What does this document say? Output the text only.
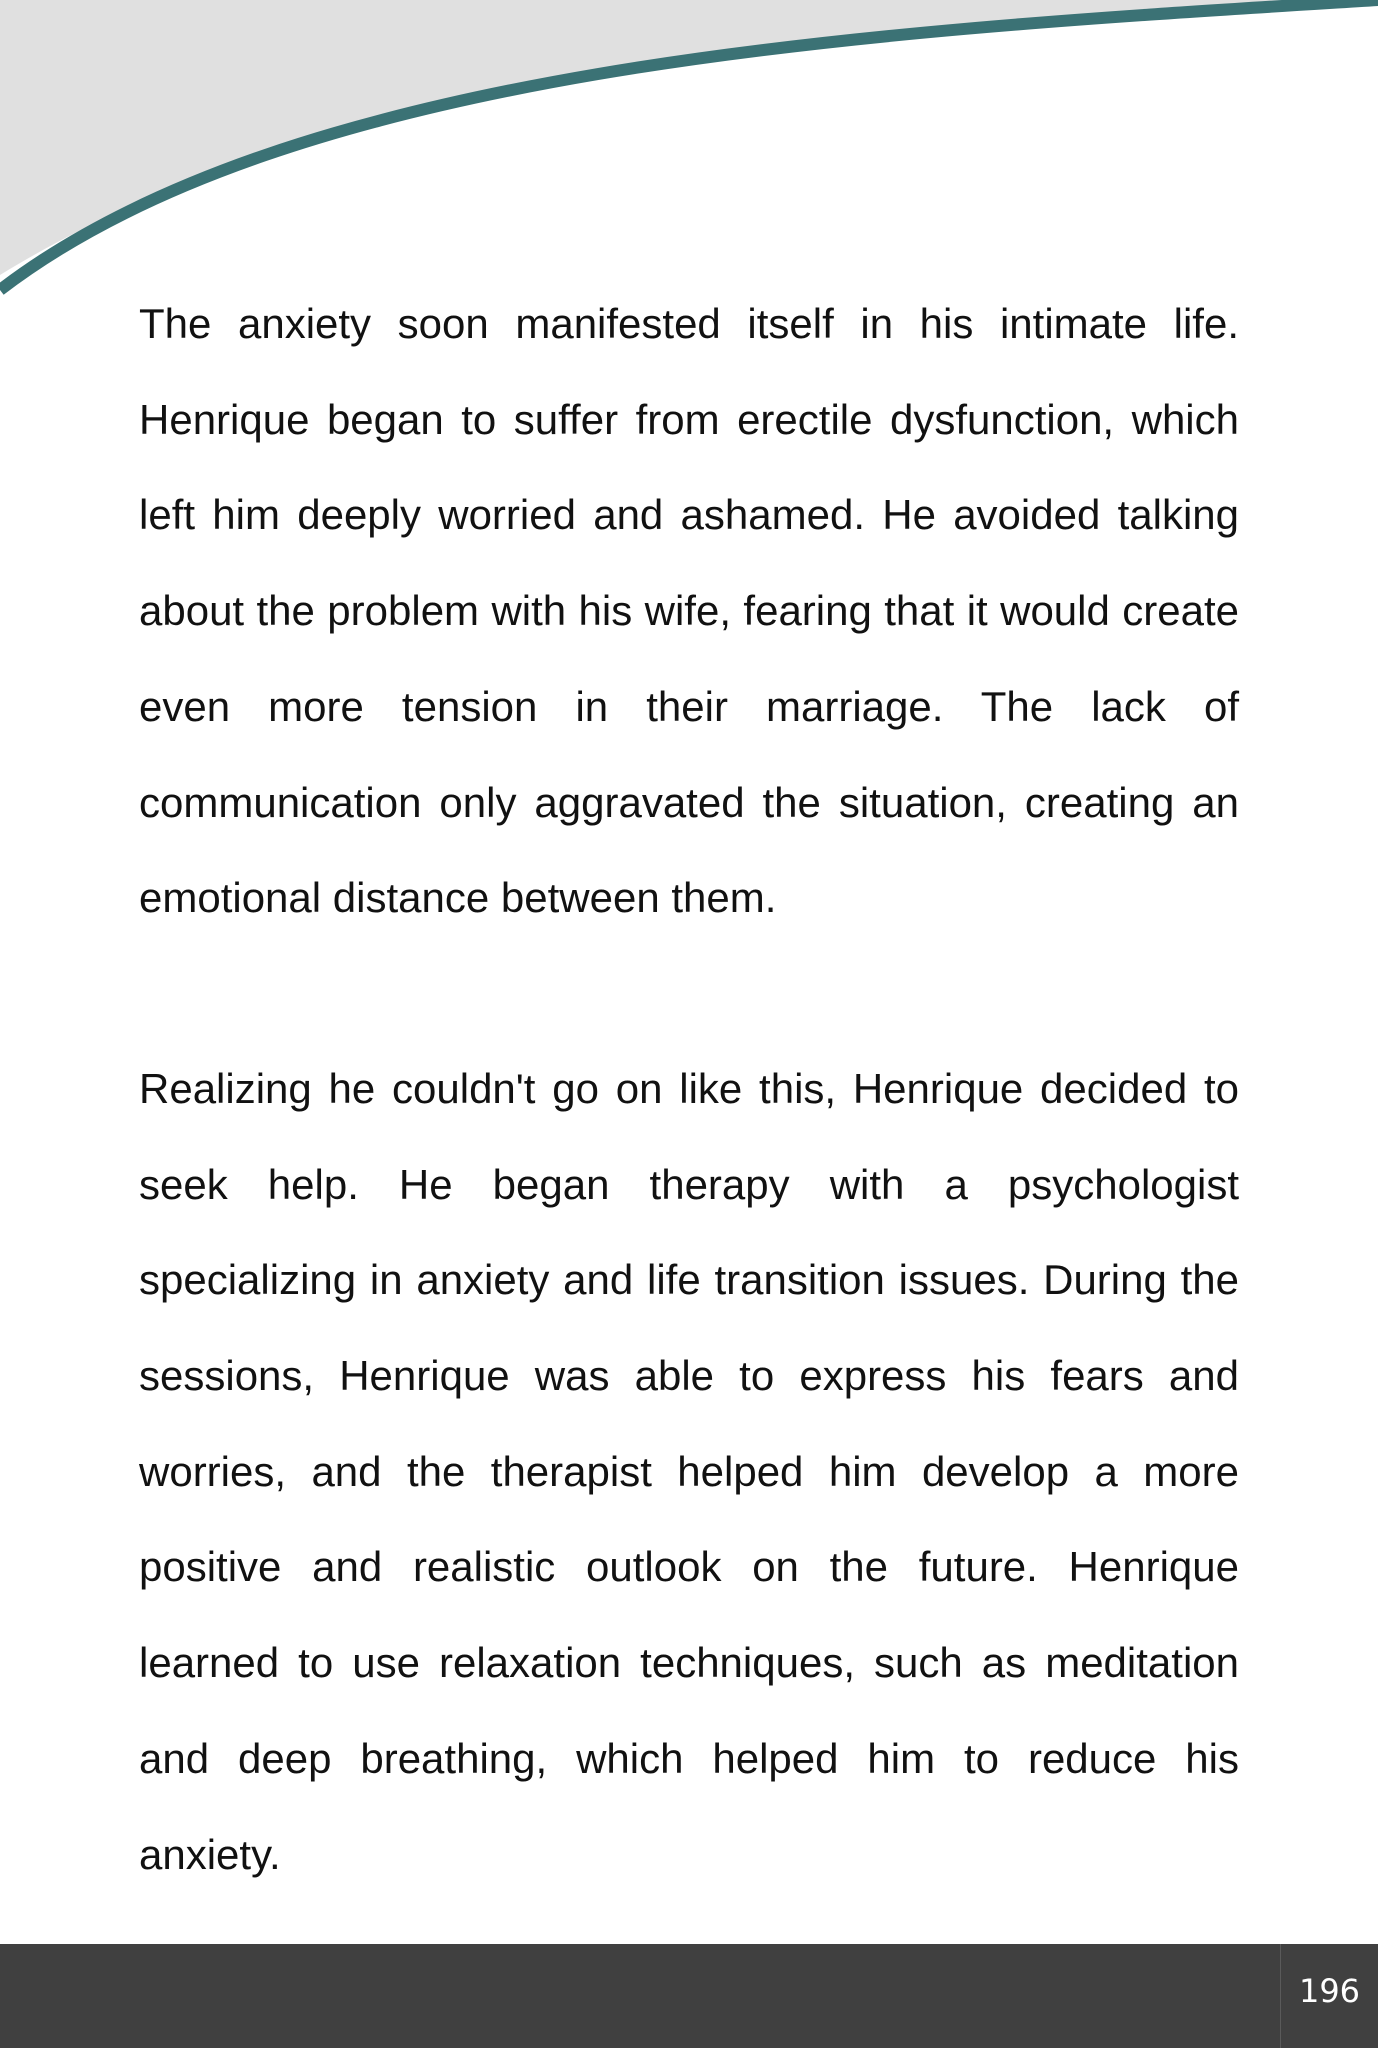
The anxiety soon manifested itself in his intimate life. Henrique began to suffer from erectile dysfunction, which left him deeply worried and ashamed. He avoided talking about the problem with his wife, fearing that it would create even more tension in their marriage. The lack of communication only aggravated the situation, creating an emotional distance between them.

Realizing he couldn't go on like this, Henrique decided to seek help. He began therapy with a psychologist specializing in anxiety and life transition issues. During the sessions, Henrique was able to express his fears and worries, and the therapist helped him develop a more positive and realistic outlook on the future. Henrique learned to use relaxation techniques, such as meditation and deep breathing, which helped him to reduce his anxiety.

196
